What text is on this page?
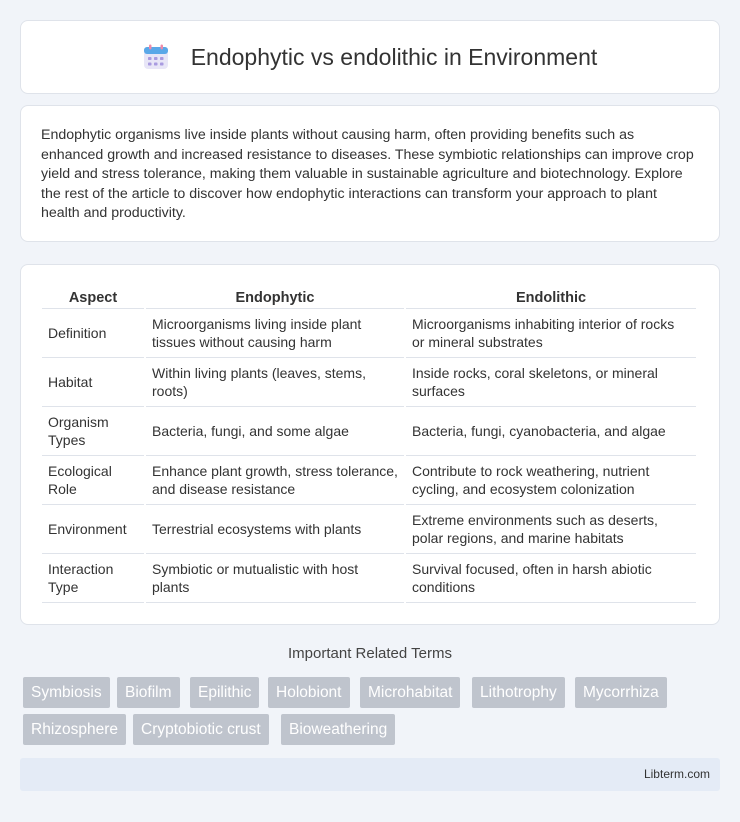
Endophytic vs endolithic in Environment

Endophytic organisms live inside plants without causing harm, often providing benefits such as enhanced growth and increased resistance to diseases. These symbiotic relationships can improve crop yield and stress tolerance, making them valuable in sustainable agriculture and biotechnology. Explore the rest of the article to discover how endophytic interactions can transform your approach to plant health and productivity.

Aspect	Endophytic	Endolithic
Definition	Microorganisms living inside plant tissues without causing harm	Microorganisms inhabiting interior of rocks or mineral substrates
Habitat	Within living plants (leaves, stems, roots)	Inside rocks, coral skeletons, or mineral surfaces
Organism Types	Bacteria, fungi, and some algae	Bacteria, fungi, cyanobacteria, and algae
Ecological Role	Enhance plant growth, stress tolerance, and disease resistance	Contribute to rock weathering, nutrient cycling, and ecosystem colonization
Environment	Terrestrial ecosystems with plants	Extreme environments such as deserts, polar regions, and marine habitats
Interaction Type	Symbiotic or mutualistic with host plants	Survival focused, often in harsh abiotic conditions
Important Related Terms
Symbiosis	Biofilm	Epilithic	Holobiont	Microhabitat	Lithotrophy	Mycorrhiza
Rhizosphere	Cryptobiotic crust	Bioweathering
Libterm.com
